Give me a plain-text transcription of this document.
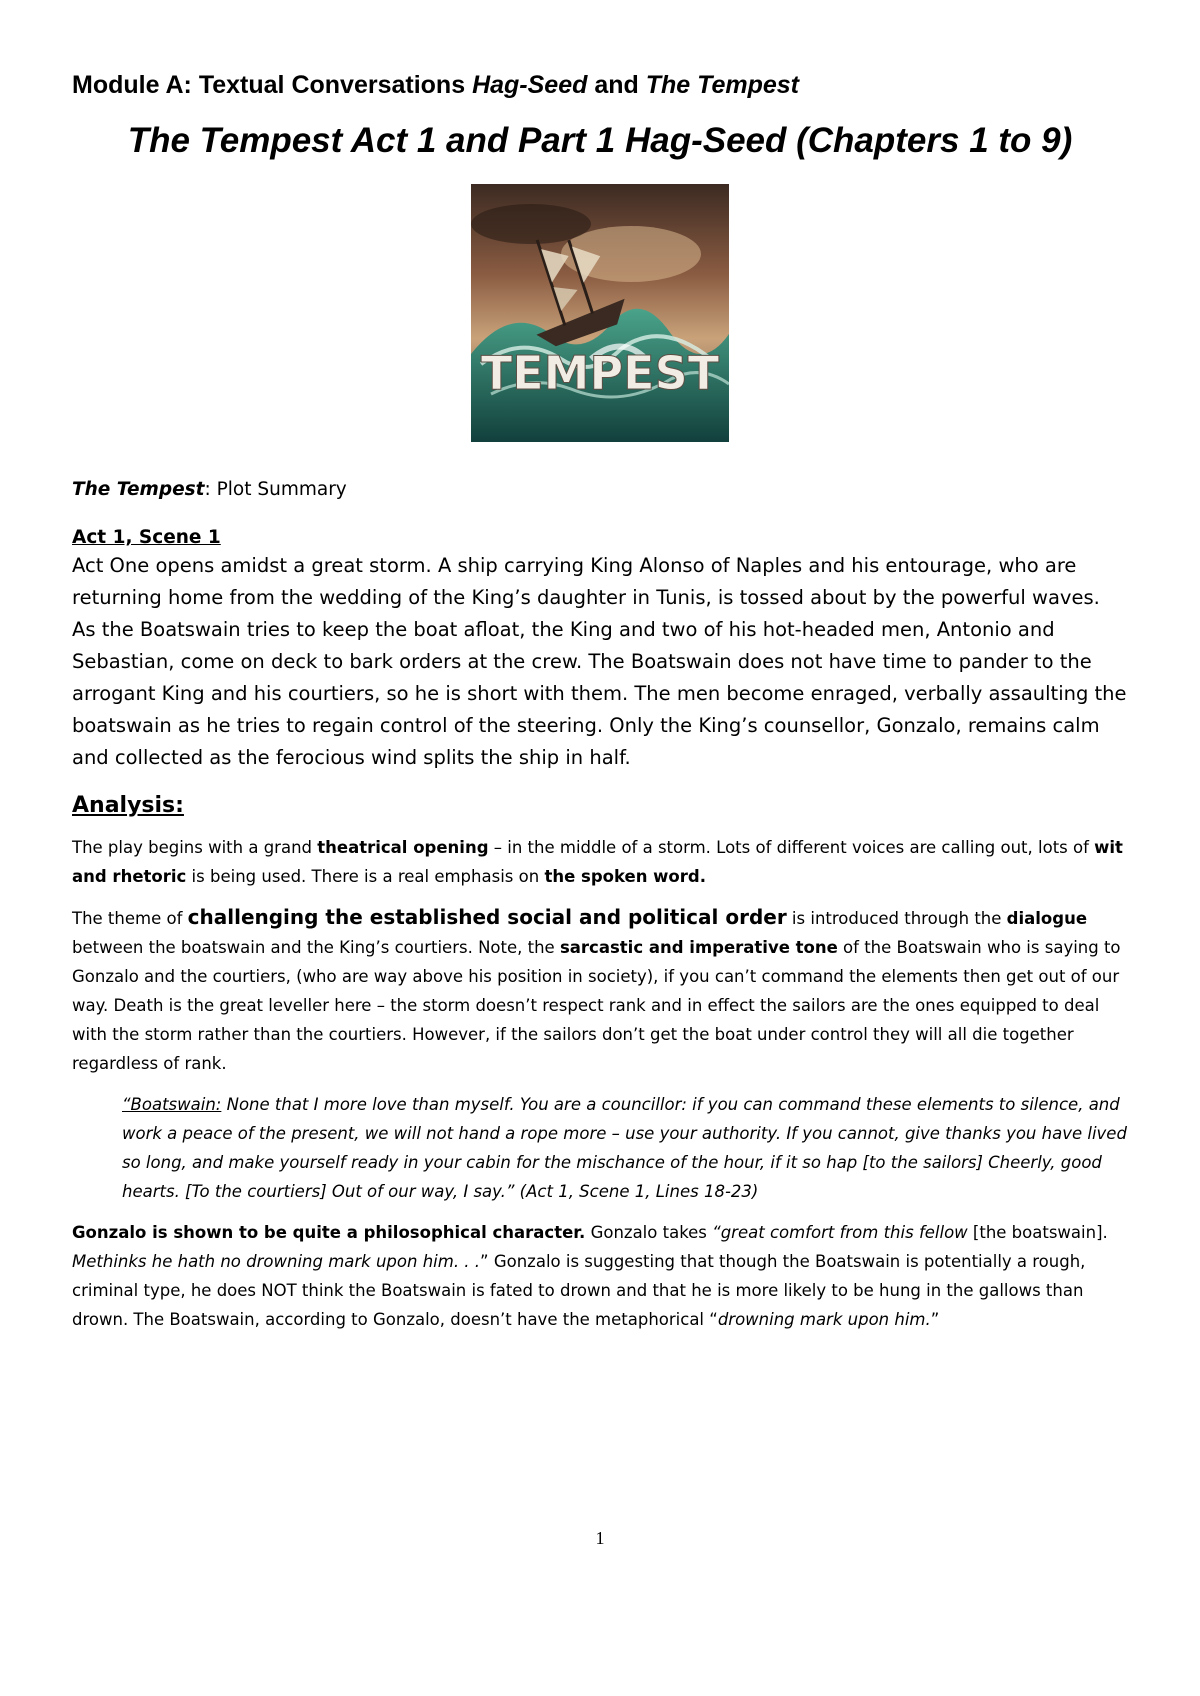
Module A: Textual Conversations Hag-Seed and The Tempest

The Tempest Act 1 and Part 1 Hag-Seed (Chapters 1 to 9)
TEMPEST

The Tempest: Plot Summary

Act 1, Scene 1

Act One opens amidst a great storm. A ship carrying King Alonso of Naples and his entourage, who are returning home from the wedding of the King’s daughter in Tunis, is tossed about by the powerful waves. As the Boatswain tries to keep the boat afloat, the King and two of his hot-headed men, Antonio and Sebastian, come on deck to bark orders at the crew. The Boatswain does not have time to pander to the arrogant King and his courtiers, so he is short with them. The men become enraged, verbally assaulting the boatswain as he tries to regain control of the steering. Only the King’s counsellor, Gonzalo, remains calm and collected as the ferocious wind splits the ship in half.

Analysis:

The play begins with a grand theatrical opening – in the middle of a storm. Lots of different voices are calling out, lots of wit and rhetoric is being used. There is a real emphasis on the spoken word.

The theme of challenging the established social and political order is introduced through the dialogue between the boatswain and the King’s courtiers. Note, the sarcastic and imperative tone of the Boatswain who is saying to Gonzalo and the courtiers, (who are way above his position in society), if you can’t command the elements then get out of our way. Death is the great leveller here – the storm doesn’t respect rank and in effect the sailors are the ones equipped to deal with the storm rather than the courtiers. However, if the sailors don’t get the boat under control they will all die together regardless of rank.

“Boatswain: None that I more love than myself. You are a councillor: if you can command these elements to silence, and work a peace of the present, we will not hand a rope more – use your authority. If you cannot, give thanks you have lived so long, and make yourself ready in your cabin for the mischance of the hour, if it so hap [to the sailors] Cheerly, good hearts. [To the courtiers] Out of our way, I say.” (Act 1, Scene 1, Lines 18-23)

Gonzalo is shown to be quite a philosophical character. Gonzalo takes “great comfort from this fellow [the boatswain]. Methinks he hath no drowning mark upon him. . .” Gonzalo is suggesting that though the Boatswain is potentially a rough, criminal type, he does NOT think the Boatswain is fated to drown and that he is more likely to be hung in the gallows than drown. The Boatswain, according to Gonzalo, doesn’t have the metaphorical “drowning mark upon him.”

1
